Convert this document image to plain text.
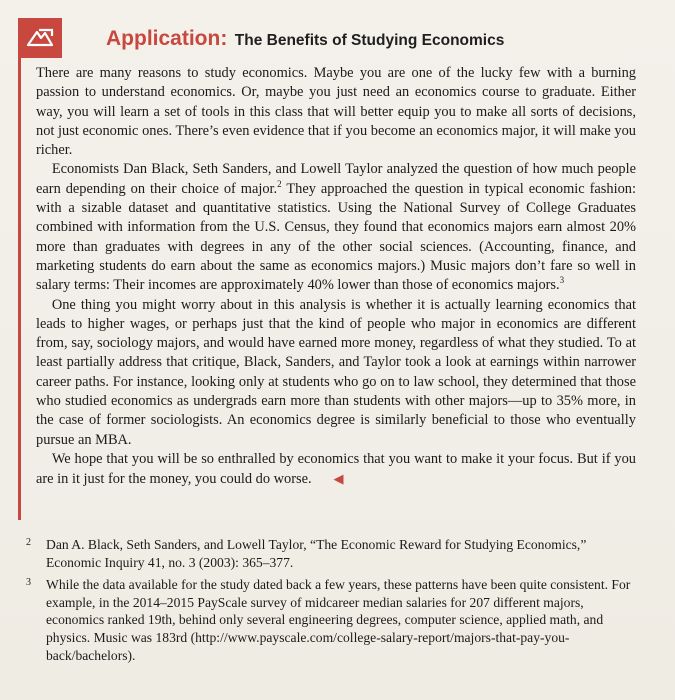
Application: The Benefits of Studying Economics

There are many reasons to study economics. Maybe you are one of the lucky few with a burning passion to understand economics. Or, maybe you just need an economics course to graduate. Either way, you will learn a set of tools in this class that will better equip you to make all sorts of decisions, not just economic ones. There’s even evidence that if you become an economics major, it will make you richer.

Economists Dan Black, Seth Sanders, and Lowell Taylor analyzed the question of how much people earn depending on their choice of major.$^2$ They approached the question in typical economic fashion: with a sizable dataset and quantitative statistics. Using the National Survey of College Graduates combined with information from the U.S. Census, they found that economics majors earn almost 20% more than graduates with degrees in any of the other social sciences. (Accounting, finance, and marketing students do earn about the same as economics majors.) Music majors don’t fare so well in salary terms: Their incomes are approximately 40% lower than those of economics majors.$^3$

One thing you might worry about in this analysis is whether it is actually learning economics that leads to higher wages, or perhaps just that the kind of people who major in economics are different from, say, sociology majors, and would have earned more money, regardless of what they studied. To at least partially address that critique, Black, Sanders, and Taylor took a look at earnings within narrower career paths. For instance, looking only at students who go on to law school, they determined that those who studied economics as undergrads earn more than students with other majors—up to 35% more, in the case of former sociologists. An economics degree is similarly beneficial to those who eventually pursue an MBA.

We hope that you will be so enthralled by economics that you want to make it your focus. But if you are in it just for the money, you could do worse. ◀

2 Dan A. Black, Seth Sanders, and Lowell Taylor, “The Economic Reward for Studying Economics,” Economic Inquiry 41, no. 3 (2003): 365–377.
3 While the data available for the study dated back a few years, these patterns have been quite consistent. For example, in the 2014–2015 PayScale survey of midcareer median salaries for 207 different majors, economics ranked 19th, behind only several engineering degrees, computer science, applied math, and physics. Music was 183rd (http://www.payscale.com/college-salary-report/majors-that-pay-you-back/bachelors).
